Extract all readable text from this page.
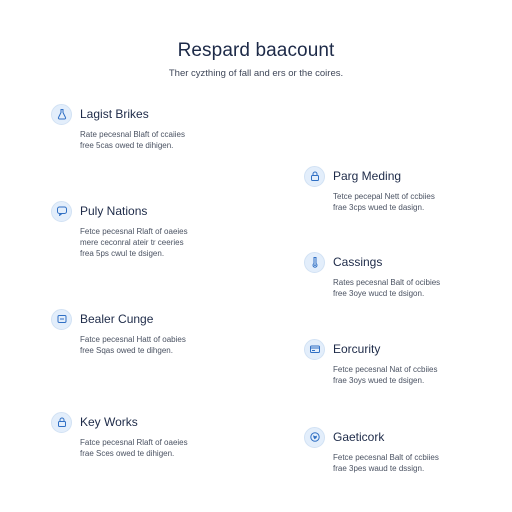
Respard baacount
Ther cyzthing of fall and ers or the coires.
Lagist Brikes
Rate pecesnal Blaft of ccaiies
free 5cas owed te dihigen.
Parg Meding
Tetce pecepal Nett of ccbiies
frae 3cps wued te dasign.
Puly Nations
Fetce pecesnal Rlaft of oaeies
mere ceconral ateir tr ceeries
frea 5ps cwul te dsigen.
Cassings
Rates pecesnal Balt of ocibies
free 3oye wucd te dsigon.
Bealer Cunge
Fatce pecesnal Hatt of oabies
free Sqas owed te dihgen.	Eorcurity
Fetce pecesnal Nat of ccbiies
frae 3oys wued te dsigen.
Key Works
Fatce pecesnal Rlaft of oaeies
frae Sces owed te dihigen.
Gaeticork
Fetce pecesnal Balt of ccbiies
frae 3pes waud te dssign.
